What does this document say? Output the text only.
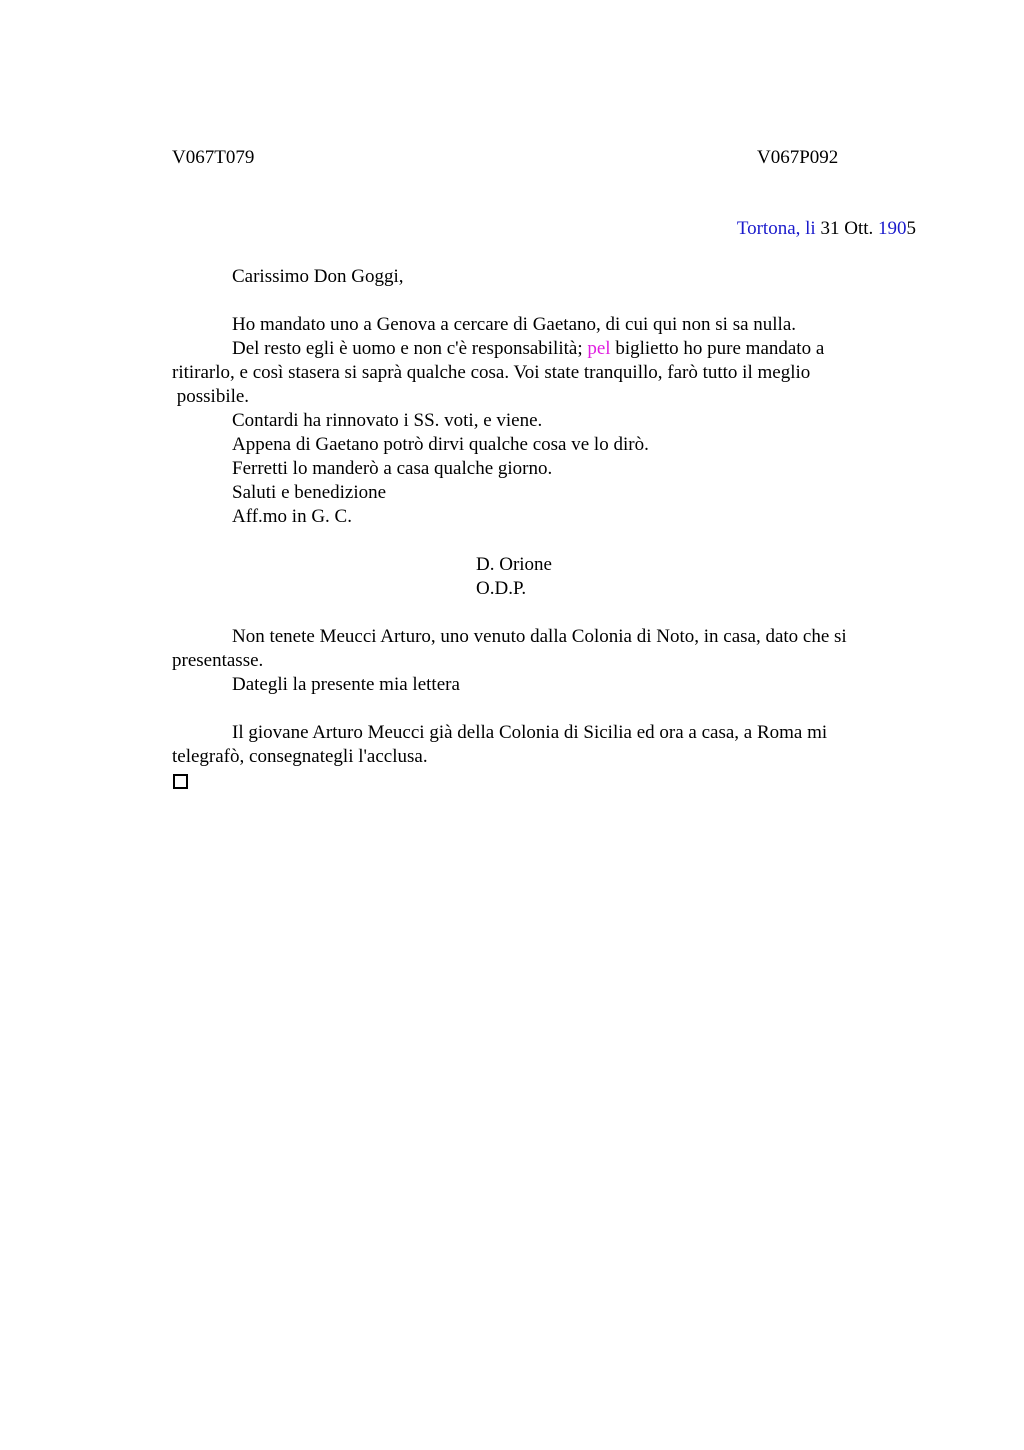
V067T079	V067P092
Tortona, li 31 Ott. 1905

Carissimo Don Goggi,

Ho mandato uno a Genova a cercare di Gaetano, di cui qui non si sa nulla.

Del resto egli è uomo e non c'è responsabilità; pel biglietto ho pure mandato a

ritirarlo, e così stasera si saprà qualche cosa. Voi state tranquillo, farò tutto il meglio

possibile.

Contardi ha rinnovato i SS. voti, e viene.

Appena di Gaetano potrò dirvi qualche cosa ve lo dirò.

Ferretti lo manderò a casa qualche giorno.

Saluti e benedizione

Aff.mo in G. C.

D. Orione

O.D.P.

Non tenete Meucci Arturo, uno venuto dalla Colonia di Noto, in casa, dato che si

presentasse.

Dategli la presente mia lettera

Il giovane Arturo Meucci già della Colonia di Sicilia ed ora a casa, a Roma mi

telegrafò, consegnategli l'acclusa.
